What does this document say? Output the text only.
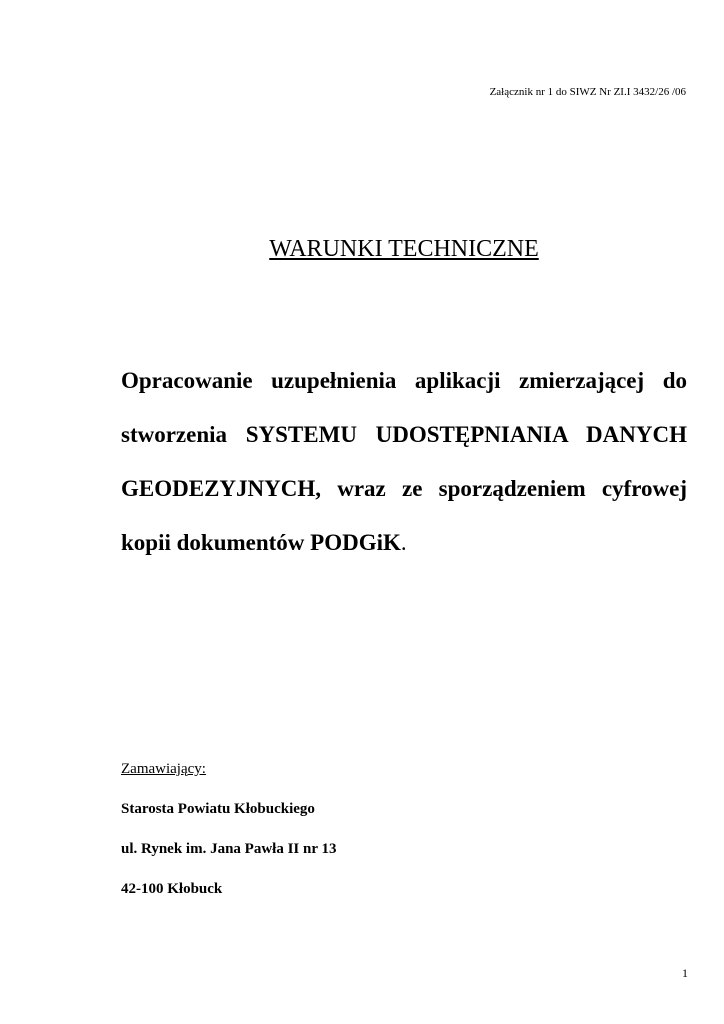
Załącznik nr 1 do SIWZ Nr ZI.I 3432/26 /06
WARUNKI TECHNICZNE
Opracowanie uzupełnienia aplikacji zmierzającej do
stworzenia SYSTEMU UDOSTĘPNIANIA DANYCH
GEODEZYJNYCH, wraz ze sporządzeniem cyfrowej
kopii dokumentów PODGiK.
Zamawiający:
Starosta Powiatu Kłobuckiego
ul. Rynek im. Jana Pawła II nr 13
42-100 Kłobuck
1
